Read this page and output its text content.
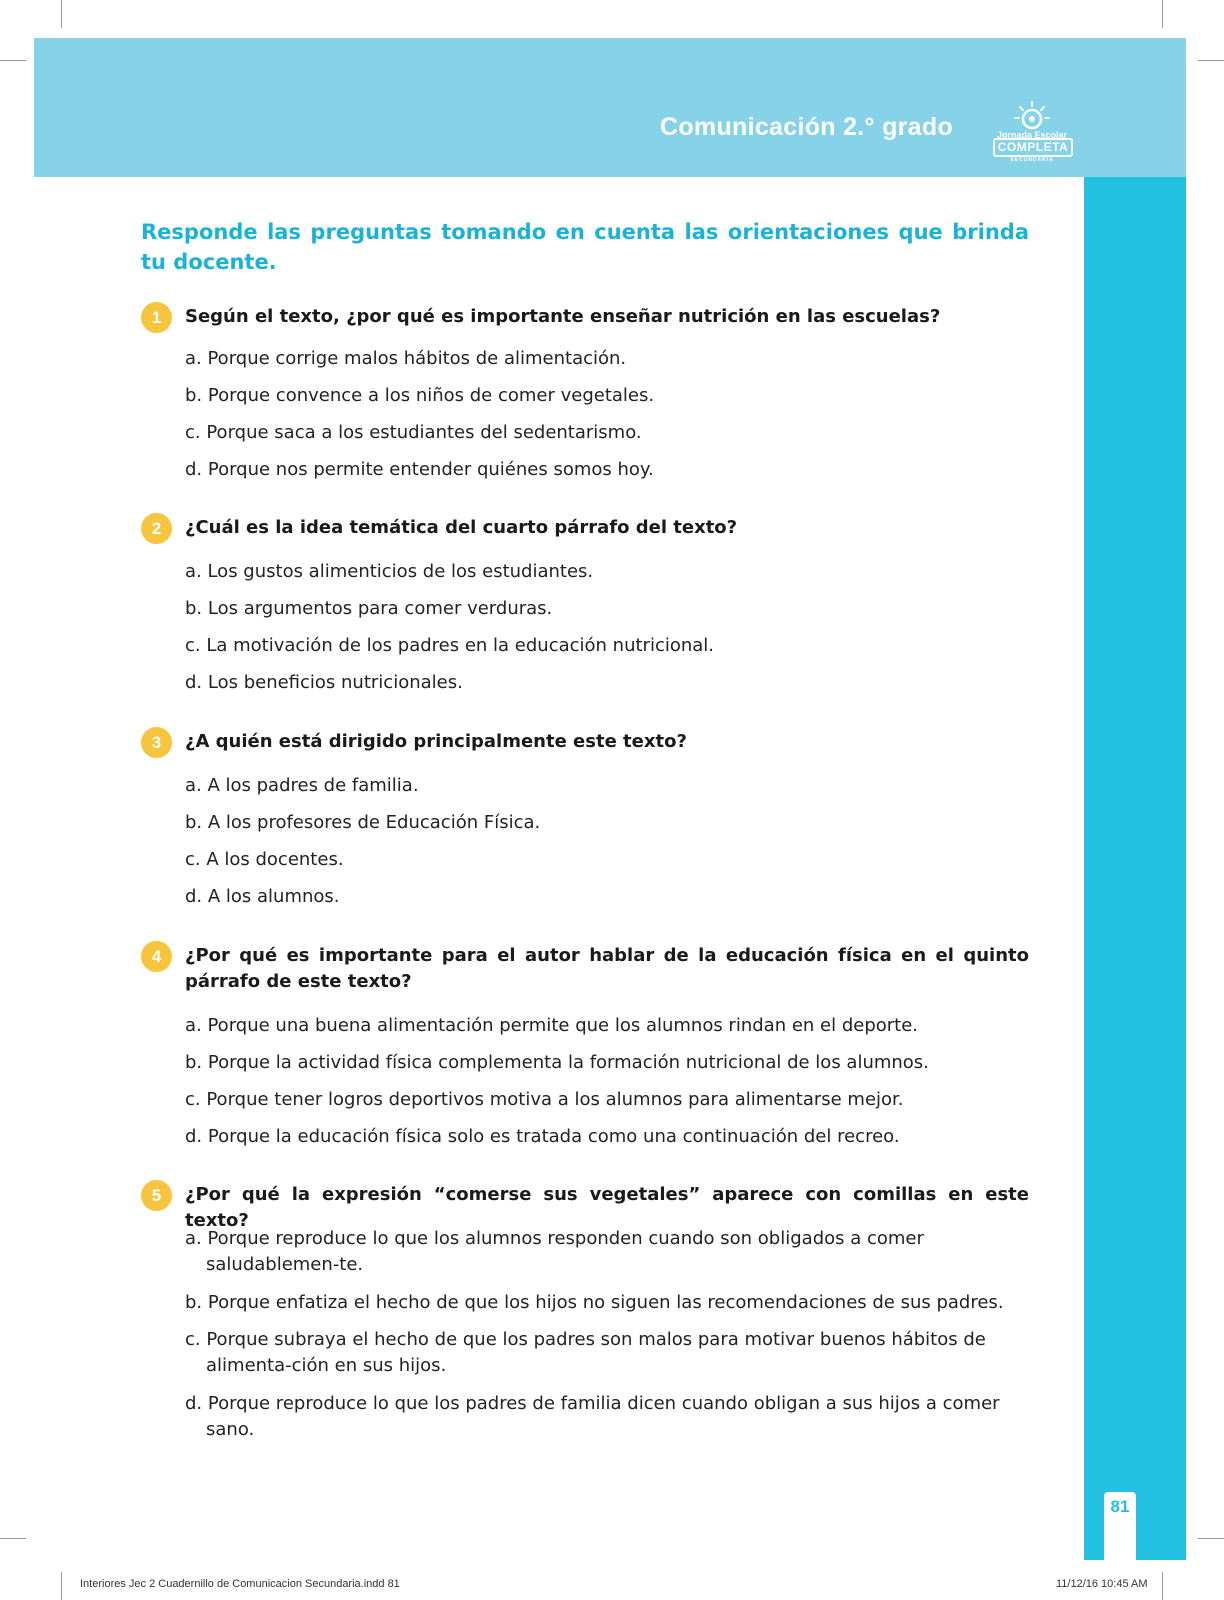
Comunicación 2.° grado	Jornada Escolar
COMPLETA
SECUNDARIA
81
Responde las preguntas tomando en cuenta las orientaciones que brinda tu docente.
1	Según el texto, ¿por qué es importante enseñar nutrición en las escuelas?
a. Porque corrige malos hábitos de alimentación.
b. Porque convence a los niños de comer vegetales.
c. Porque saca a los estudiantes del sedentarismo.
d. Porque nos permite entender quiénes somos hoy.
2	¿Cuál es la idea temática del cuarto párrafo del texto?
a. Los gustos alimenticios de los estudiantes.
b. Los argumentos para comer verduras.
c. La motivación de los padres en la educación nutricional.
d. Los beneficios nutricionales.
3	¿A quién está dirigido principalmente este texto?
a. A los padres de familia.
b. A los profesores de Educación Física.
c. A los docentes.
d. A los alumnos.
4	¿Por qué es importante para el autor hablar de la educación física en el quinto párrafo de este texto?
a. Porque una buena alimentación permite que los alumnos rindan en el deporte.
b. Porque la actividad física complementa la formación nutricional de los alumnos.
c. Porque tener logros deportivos motiva a los alumnos para alimentarse mejor.
d. Porque la educación física solo es tratada como una continuación del recreo.
5	¿Por qué la expresión “comerse sus vegetales” aparece con comillas en este texto?
a. Porque reproduce lo que los alumnos responden cuando son obligados a comer saludablemen-te.
b. Porque enfatiza el hecho de que los hijos no siguen las recomendaciones de sus padres.
c. Porque subraya el hecho de que los padres son malos para motivar buenos hábitos de alimenta-ción en sus hijos.
d. Porque reproduce lo que los padres de familia dicen cuando obligan a sus hijos a comer sano.
Interiores Jec 2 Cuadernillo de Comunicacion Secundaria.indd 81	11/12/16 10:45 AM
